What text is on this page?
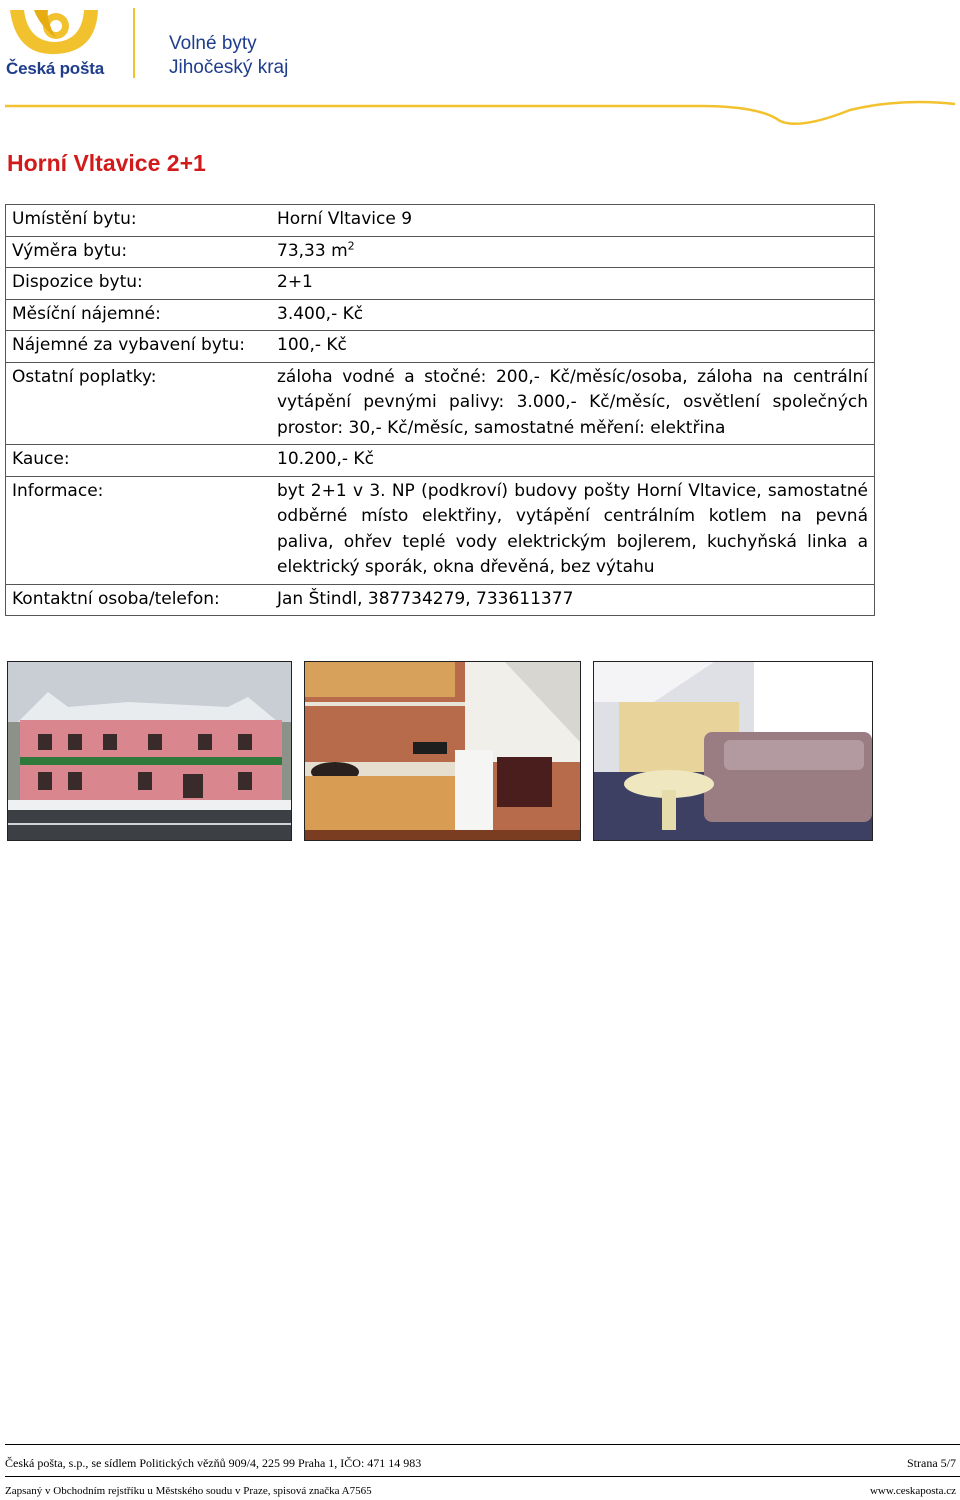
Česká pošta
Volné byty
Jihočeský kraj
Horní Vltavice 2+1
Umístění bytu:	Horní Vltavice 9
Výměra bytu:	73,33 $m^2$
Dispozice bytu:	2+1
Měsíční nájemné:	3.400,- Kč
Nájemné za vybavení bytu:	100,- Kč
Ostatní poplatky:	záloha vodné a stočné: 200,- Kč/měsíc/osoba, záloha na centrální vytápění pevnými palivy: 3.000,- Kč/měsíc, osvětlení společných prostor: 30,- Kč/měsíc, samostatné měření: elektřina
Kauce:	10.200,- Kč
Informace:	byt 2+1 v 3. NP (podkroví) budovy pošty Horní Vltavice, samostatné odběrné místo elektřiny, vytápění centrálním kotlem na pevná paliva, ohřev teplé vody elektrickým bojlerem, kuchyňská linka a elektrický sporák, okna dřevěná, bez výtahu
Kontaktní osoba/telefon:	Jan Štindl, 387734279, 733611377
Česká pošta, s.p., se sídlem Politických vězňů 909/4, 225 99 Praha 1, IČO: 471 14 983	Strana 5/7
Zapsaný v Obchodním rejstříku u Městského soudu v Praze, spisová značka A7565	www.ceskaposta.cz
